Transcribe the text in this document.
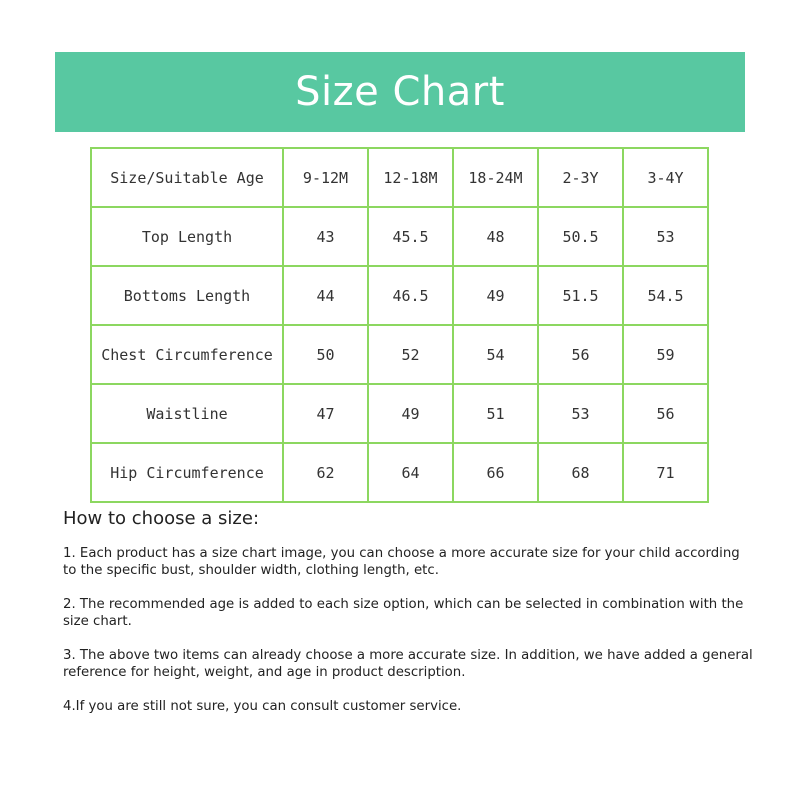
Size Chart
Size/Suitable Age	9-12M	12-18M	18-24M	2-3Y	3-4Y
Top Length	43	45.5	48	50.5	53
Bottoms Length	44	46.5	49	51.5	54.5
Chest Circumference	50	52	54	56	59
Waistline	47	49	51	53	56
Hip Circumference	62	64	66	68	71
How to choose a size:

1. Each product has a size chart image, you can choose a more accurate size for your child according to the specific bust, shoulder width, clothing length, etc.

2. The recommended age is added to each size option, which can be selected in combination with the size chart.

3. The above two items can already choose a more accurate size. In addition, we have added a general reference for height, weight, and age in product description.

4.If you are still not sure, you can consult customer service.
